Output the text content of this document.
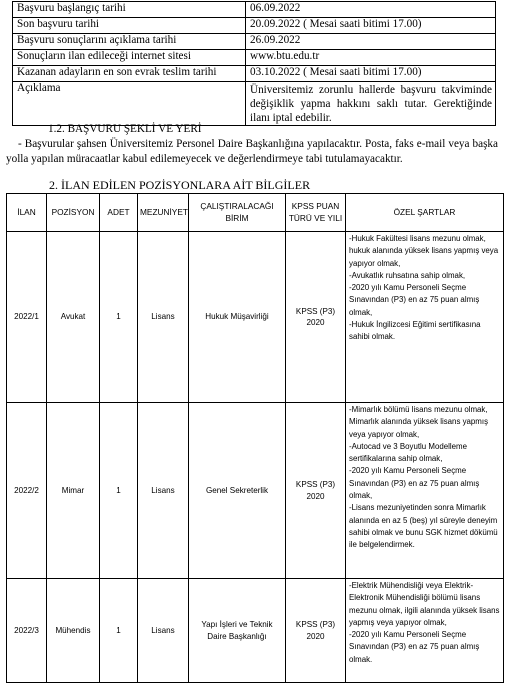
Başvuru başlangıç tarihi	06.09.2022
Son başvuru tarihi	20.09.2022 ( Mesai saati bitimi 17.00)
Başvuru sonuçlarını açıklama tarihi	26.09.2022
Sonuçların ilan edileceği internet sitesi	www.btu.edu.tr
Kazanan adayların en son evrak teslim tarihi	03.10.2022 ( Mesai saati bitimi 17.00)
Açıklama	Üniversitemiz zorunlu hallerde başvuru takviminde değişiklik yapma hakkını saklı tutar. Gerektiğinde ilanı iptal edebilir.
1.2. BAŞVURU ŞEKLİ VE YERİ

- Başvurular şahsen Üniversitemiz Personel Daire Başkanlığına yapılacaktır. Posta, faks e-mail veya başka yolla yapılan müracaatlar kabul edilemeyecek ve değerlendirmeye tabi tutulamayacaktır.

2. İLAN EDİLEN POZİSYONLARA AİT BİLGİLER
İLAN	POZİSYON	ADET	MEZUNİYET	ÇALIŞTIRALACAĞI BİRİM	KPSS PUAN TÜRÜ VE YILI	ÖZEL ŞARTLAR
2022/1	Avukat	1	Lisans	Hukuk Müşavirliği	KPSS (P3) 2020	-Hukuk Fakültesi lisans mezunu olmak, hukuk alanında yüksek lisans yapmış veya yapıyor olmak,
-Avukatlık ruhsatına sahip olmak,
-2020 yılı Kamu Personeli Seçme Sınavından (P3) en az 75 puan almış olmak,
-Hukuk İngilizcesi Eğitimi sertifikasına sahibi olmak.

2022/2	Mimar	1	Lisans	Genel Sekreterlik	KPSS (P3) 2020	-Mimarlık bölümü lisans mezunu olmak, Mimarlık alanında yüksek lisans yapmış veya yapıyor olmak,
-Autocad ve 3 Boyutlu Modelleme sertifikalarına sahip olmak,
-2020 yılı Kamu Personeli Seçme Sınavından (P3) en az 75 puan almış olmak,
-Lisans mezuniyetinden sonra Mimarlık alanında en az 5 (beş) yıl süreyle deneyim sahibi olmak ve bunu SGK hizmet dökümü ile belgelendirmek.

2022/3	Mühendis	1	Lisans	Yapı İşleri ve Teknik Daire Başkanlığı	KPSS (P3) 2020	-Elektrik Mühendisliği veya Elektrik-Elektronik Mühendisliği bölümü lisans mezunu olmak, ilgili alanında yüksek lisans yapmış veya yapıyor olmak,
-2020 yılı Kamu Personeli Seçme Sınavından (P3) en az 75 puan almış olmak.
